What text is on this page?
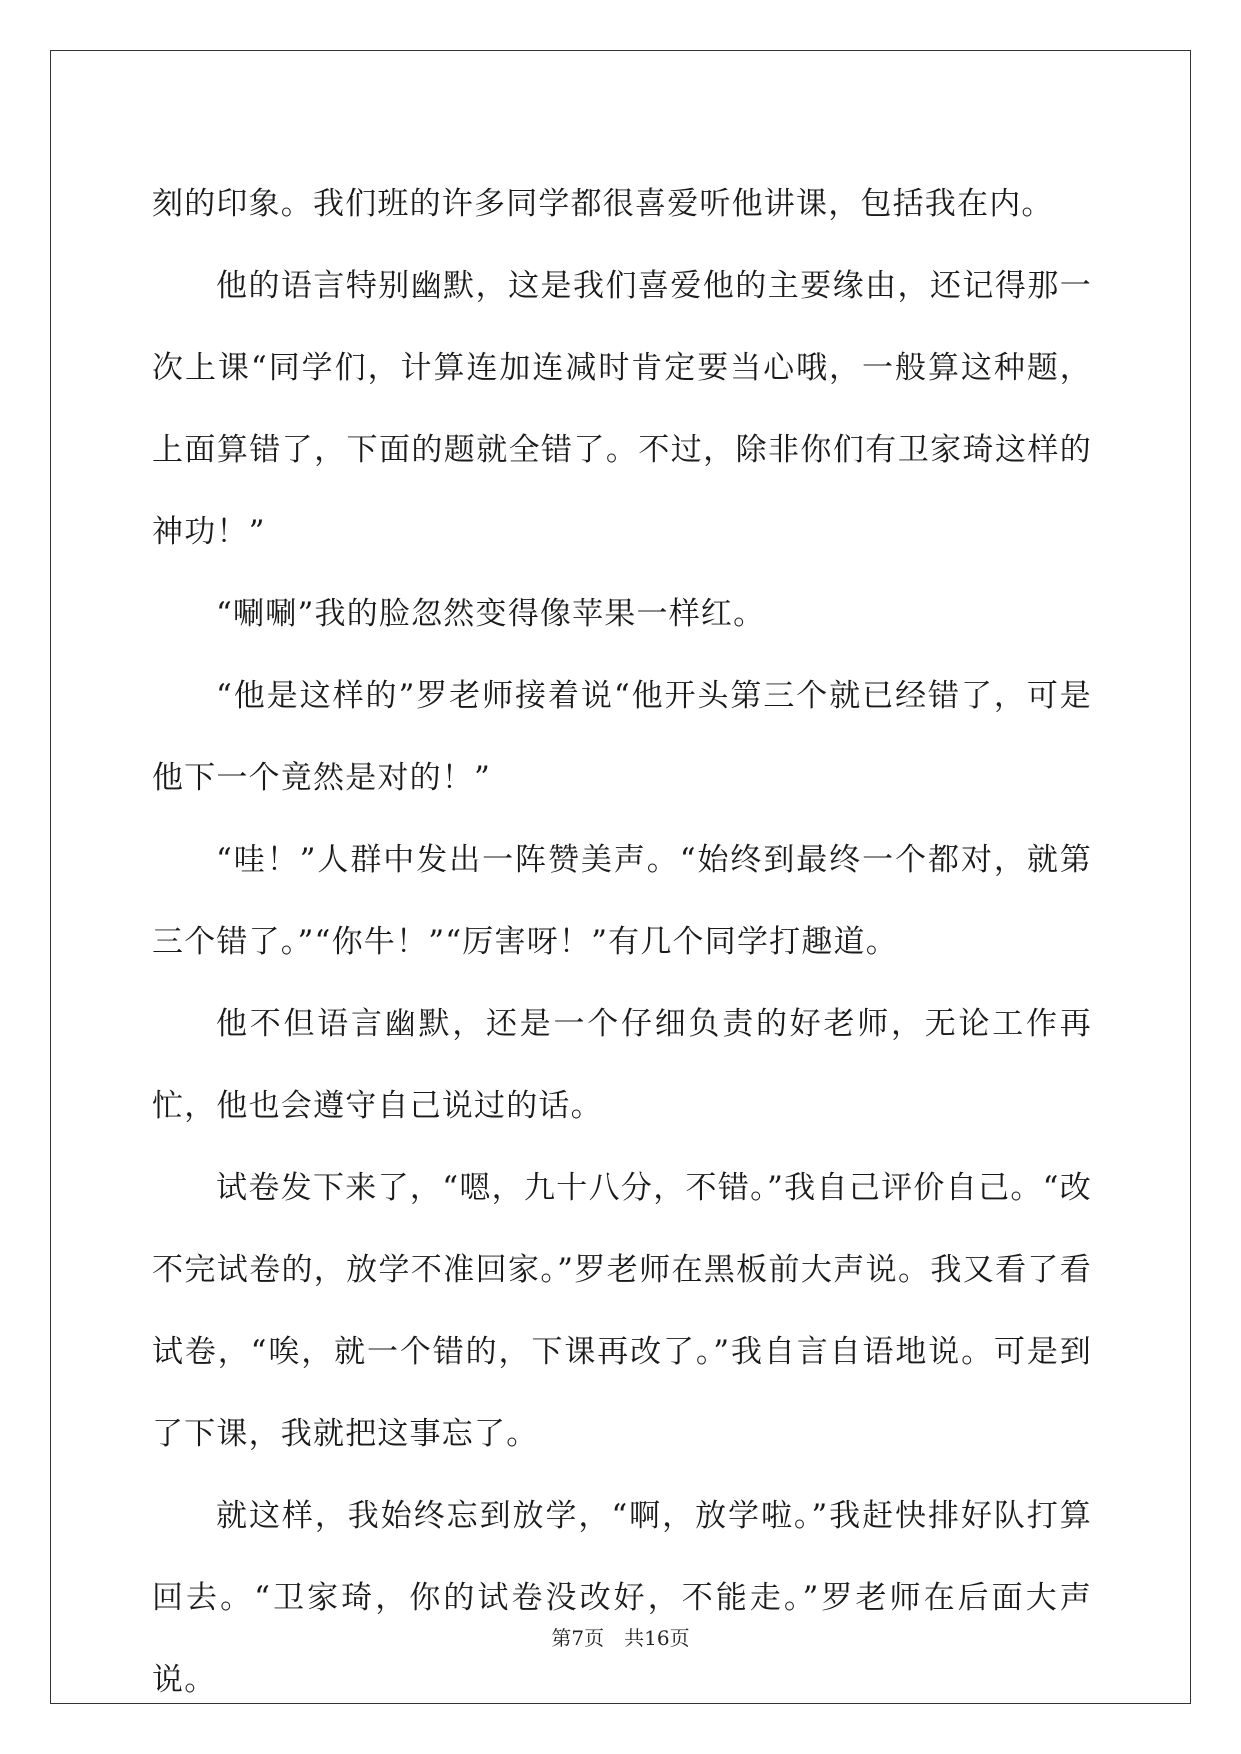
刻的印象。我们班的许多同学都很喜爱听他讲课，包括我在内。

他的语言特别幽默，这是我们喜爱他的主要缘由，还记得那一次上课“同学们，计算连加连减时肯定要当心哦，一般算这种题，上面算错了，下面的题就全错了。不过，除非你们有卫家琦这样的神功！”

“唰唰”我的脸忽然变得像苹果一样红。

“他是这样的”罗老师接着说“他开头第三个就已经错了，可是他下一个竟然是对的！”

“哇！”人群中发出一阵赞美声。“始终到最终一个都对，就第三个错了。”“你牛！”“厉害呀！”有几个同学打趣道。

他不但语言幽默，还是一个仔细负责的好老师，无论工作再忙，他也会遵守自己说过的话。

试卷发下来了，“嗯，九十八分，不错。”我自己评价自己。“改不完试卷的，放学不准回家。”罗老师在黑板前大声说。我又看了看试卷，“唉，就一个错的，下课再改了。”我自言自语地说。可是到了下课，我就把这事忘了。

就这样，我始终忘到放学，“啊，放学啦。”我赶快排好队打算回去。“卫家琦，你的试卷没改好，不能走。”罗老师在后面大声说。

第7页 共16页
